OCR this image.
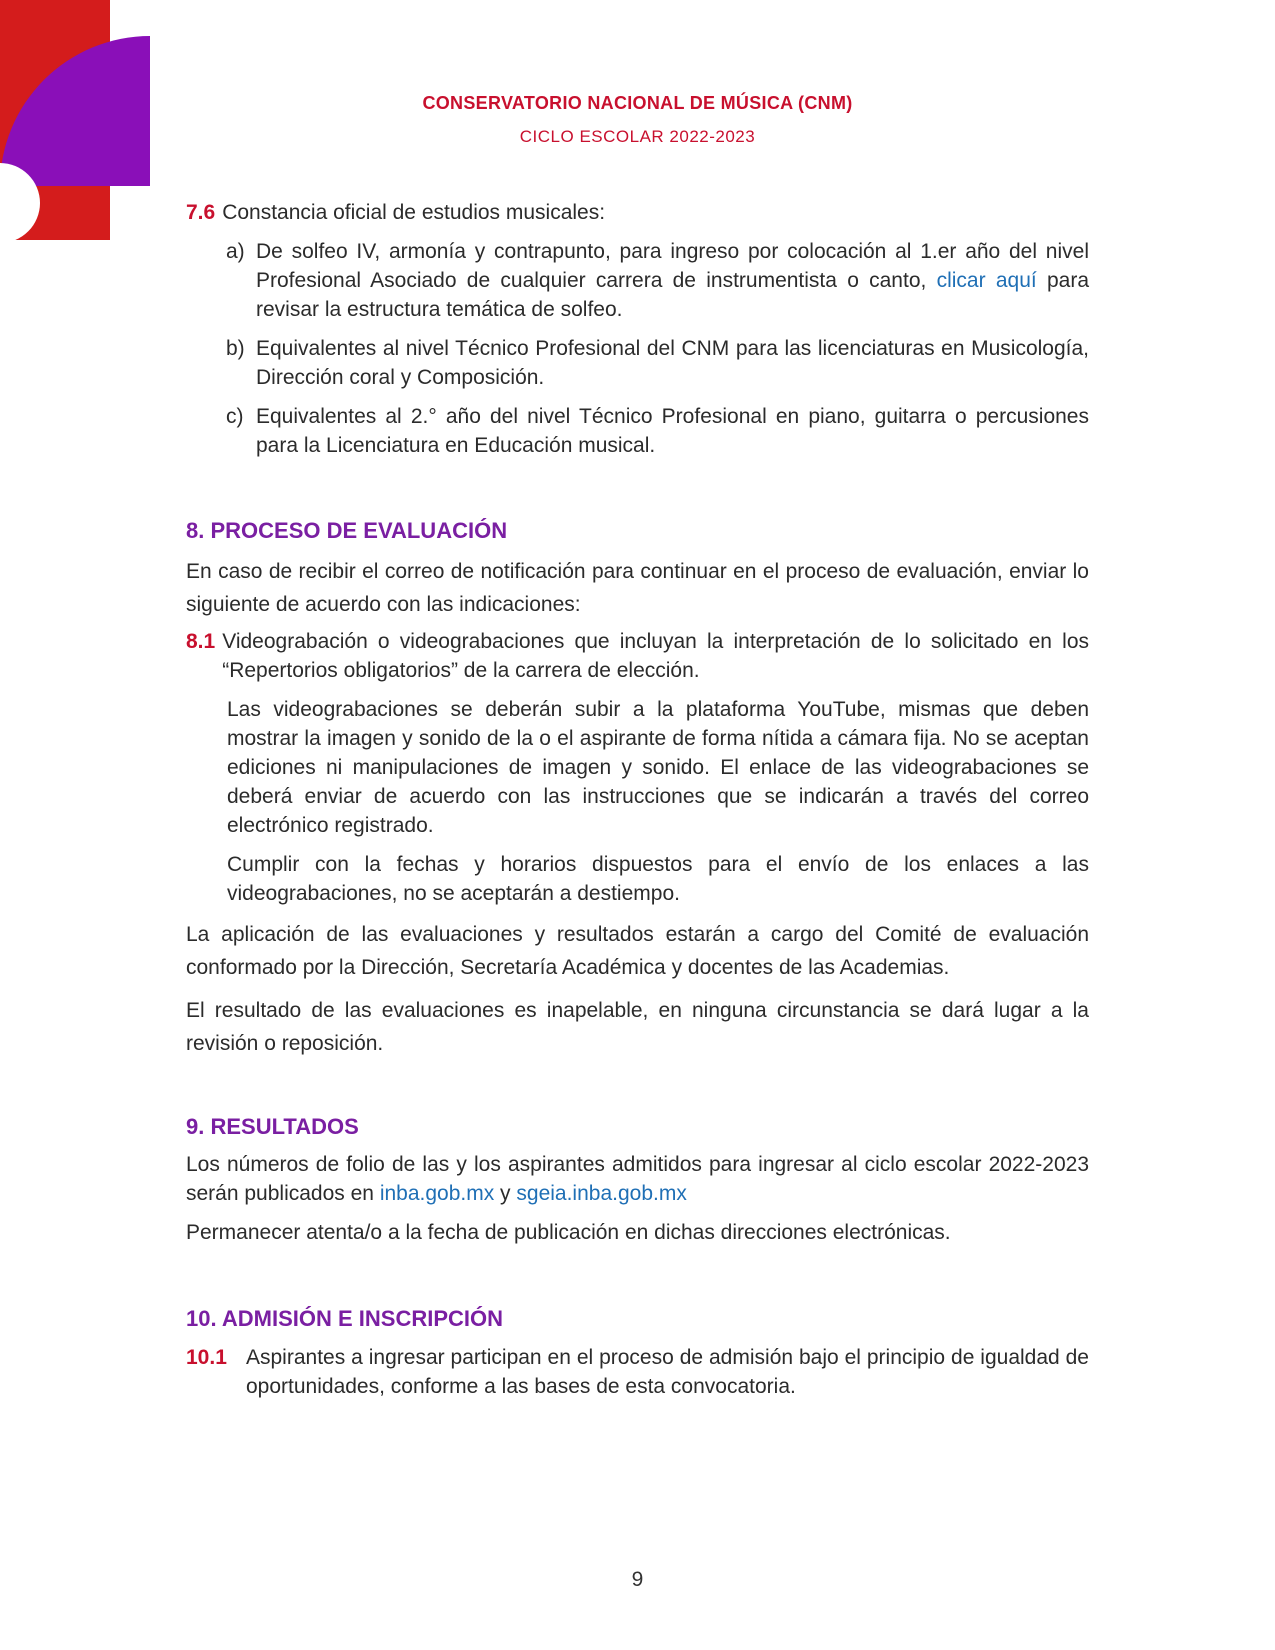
CONSERVATORIO NACIONAL DE MÚSICA (CNM)
CICLO ESCOLAR 2022-2023
7.6 Constancia oficial de estudios musicales:
a) De solfeo IV, armonía y contrapunto, para ingreso por colocación al 1.er año del nivel Profesional Asociado de cualquier carrera de instrumentista o canto, clicar aquí para revisar la estructura temática de solfeo.
b) Equivalentes al nivel Técnico Profesional del CNM para las licenciaturas en Musicología, Dirección coral y Composición.
c) Equivalentes al 2.° año del nivel Técnico Profesional en piano, guitarra o percusiones para la Licenciatura en Educación musical.
8. PROCESO DE EVALUACIÓN
En caso de recibir el correo de notificación para continuar en el proceso de evaluación, enviar lo siguiente de acuerdo con las indicaciones:
8.1 Videograbación o videograbaciones que incluyan la interpretación de lo solicitado en los “Repertorios obligatorios” de la carrera de elección.
Las videograbaciones se deberán subir a la plataforma YouTube, mismas que deben mostrar la imagen y sonido de la o el aspirante de forma nítida a cámara fija. No se aceptan ediciones ni manipulaciones de imagen y sonido. El enlace de las videograbaciones se deberá enviar de acuerdo con las instrucciones que se indicarán a través del correo electrónico registrado.
Cumplir con la fechas y horarios dispuestos para el envío de los enlaces a las videograbaciones, no se aceptarán a destiempo.
La aplicación de las evaluaciones y resultados estarán a cargo del Comité de evaluación conformado por la Dirección, Secretaría Académica y docentes de las Academias.
El resultado de las evaluaciones es inapelable, en ninguna circunstancia se dará lugar a la revisión o reposición.
9. RESULTADOS
Los números de folio de las y los aspirantes admitidos para ingresar al ciclo escolar 2022-2023 serán publicados en inba.gob.mx y sgeia.inba.gob.mx
Permanecer atenta/o a la fecha de publicación en dichas direcciones electrónicas.
10. ADMISIÓN E INSCRIPCIÓN
10.1 Aspirantes a ingresar participan en el proceso de admisión bajo el principio de igualdad de oportunidades, conforme a las bases de esta convocatoria.
9
